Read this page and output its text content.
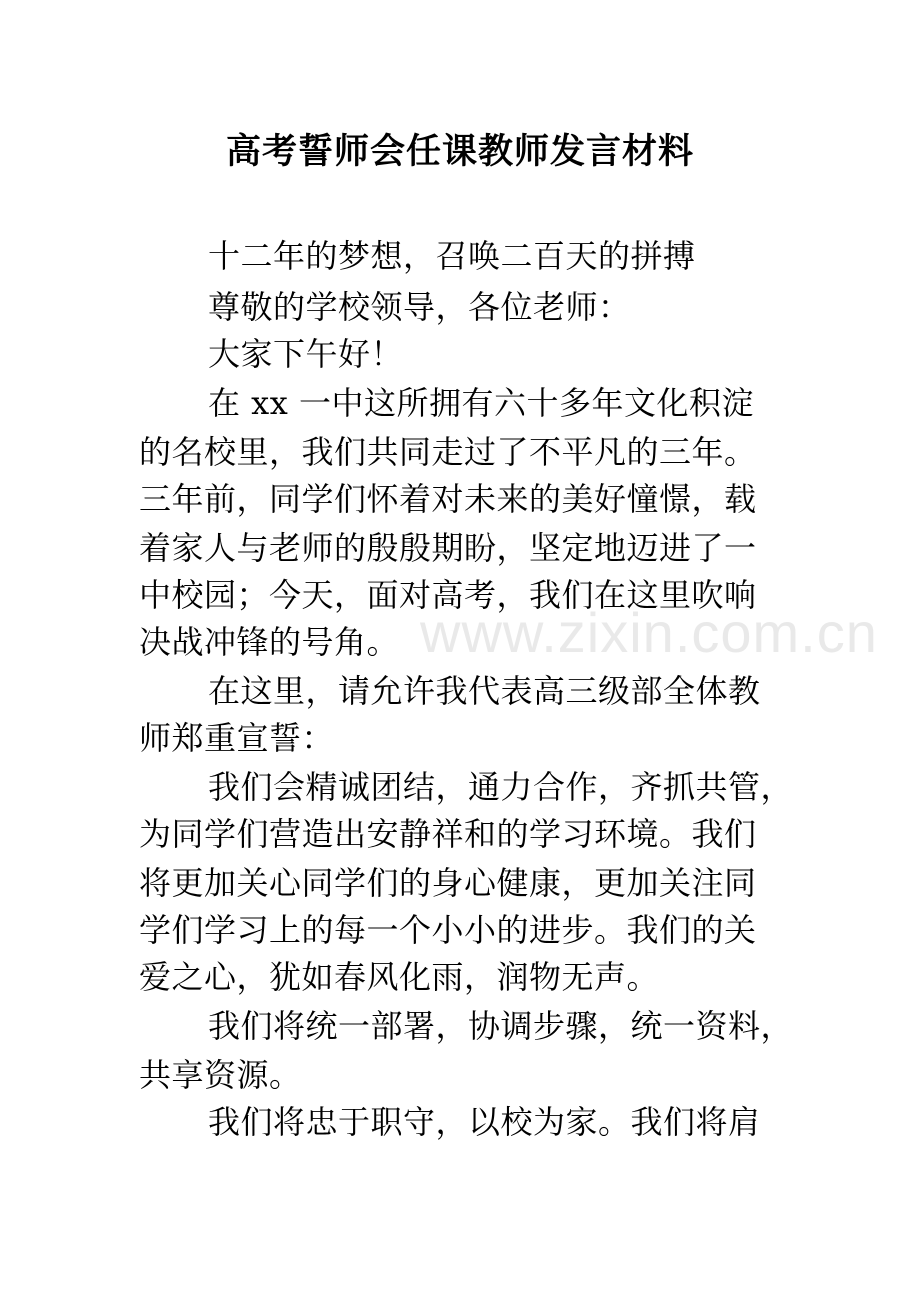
高考誓师会任课教师发言材料
十二年的梦想，召唤二百天的拼搏
尊敬的学校领导，各位老师：
大家下午好！
在 xx 一中这所拥有六十多年文化积淀
的名校里，我们共同走过了不平凡的三年。
三年前，同学们怀着对未来的美好憧憬，载
着家人与老师的殷殷期盼，坚定地迈进了一
中校园；今天，面对高考，我们在这里吹响
决战冲锋的号角。
在这里，请允许我代表高三级部全体教
师郑重宣誓：
我们会精诚团结，通力合作，齐抓共管，
为同学们营造出安静祥和的学习环境。我们
将更加关心同学们的身心健康，更加关注同
学们学习上的每一个小小的进步。我们的关
爱之心，犹如春风化雨，润物无声。
我们将统一部署，协调步骤，统一资料，
共享资源。
我们将忠于职守，以校为家。我们将肩
www.zixin.com.cn
